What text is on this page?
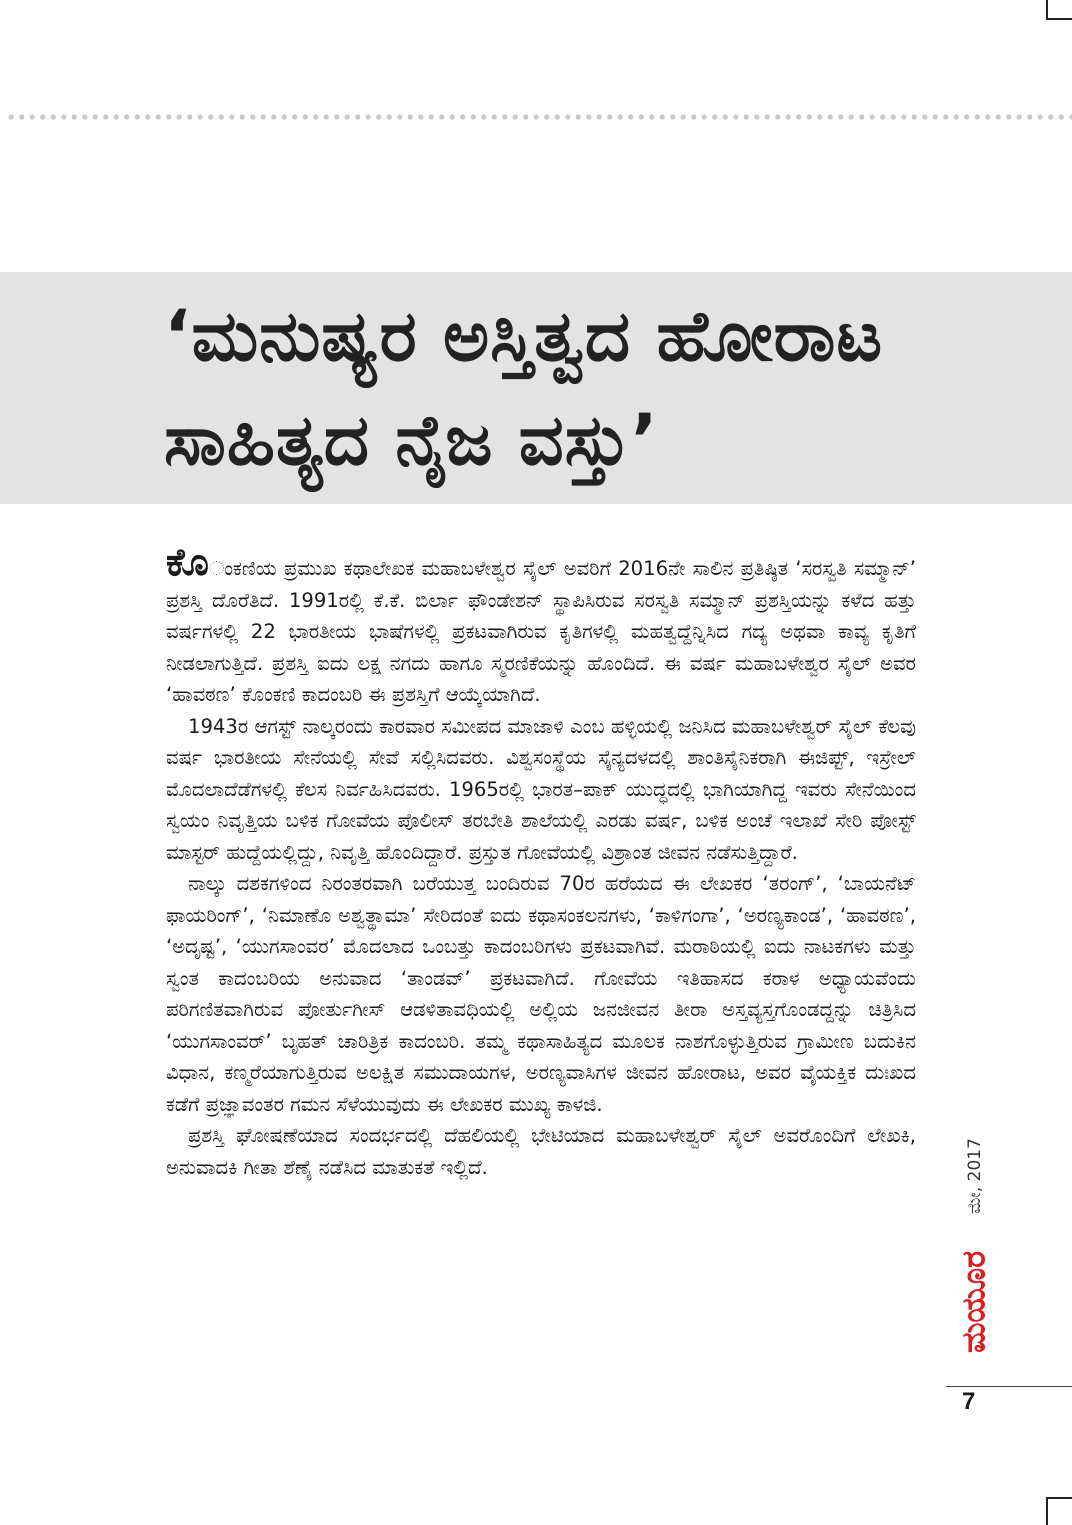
‘ಮನುಷ್ಯರ ಅಸ್ತಿತ್ವದ ಹೋರಾಟ
ಸಾಹಿತ್ಯದ ನೈಜ ವಸ್ತು’

ಕೊಂಕಣಿಯ ಪ್ರಮುಖ ಕಥಾಲೇಖಕ ಮಹಾಬಳೇಶ್ವರ ಸೈಲ್ ಅವರಿಗೆ 2016ನೇ ಸಾಲಿನ ಪ್ರತಿಷ್ಠಿತ ‘ಸರಸ್ವತಿ ಸಮ್ಮಾನ್’ ಪ್ರಶಸ್ತಿ ದೊರೆತಿದೆ. 1991ರಲ್ಲಿ ಕೆ.ಕೆ. ಬಿರ್ಲಾ ಫೌಂಡೇಶನ್ ಸ್ಥಾಪಿಸಿರುವ ಸರಸ್ವತಿ ಸಮ್ಮಾನ್ ಪ್ರಶಸ್ತಿಯನ್ನು ಕಳೆದ ಹತ್ತು ವರ್ಷಗಳಲ್ಲಿ 22 ಭಾರತೀಯ ಭಾಷೆಗಳಲ್ಲಿ ಪ್ರಕಟವಾಗಿರುವ ಕೃತಿಗಳಲ್ಲಿ ಮಹತ್ವದ್ದೆನ್ನಿಸಿದ ಗದ್ಯ ಅಥವಾ ಕಾವ್ಯ ಕೃತಿಗೆ ನೀಡಲಾಗುತ್ತಿದೆ. ಪ್ರಶಸ್ತಿ ಐದು ಲಕ್ಷ ನಗದು ಹಾಗೂ ಸ್ಮರಣಿಕೆಯನ್ನು ಹೊಂದಿದೆ. ಈ ವರ್ಷ ಮಹಾಬಳೇಶ್ವರ ಸೈಲ್ ಅವರ ‘ಹಾವಠಣ’ ಕೊಂಕಣಿ ಕಾದಂಬರಿ ಈ ಪ್ರಶಸ್ತಿಗೆ ಆಯ್ಕೆಯಾಗಿದೆ.

1943ರ ಆಗಸ್ಟ್ ನಾಲ್ಕರಂದು ಕಾರವಾರ ಸಮೀಪದ ಮಾಜಾಳಿ ಎಂಬ ಹಳ್ಳಿಯಲ್ಲಿ ಜನಿಸಿದ ಮಹಾಬಳೇಶ್ವರ್ ಸೈಲ್ ಕೆಲವು ವರ್ಷ ಭಾರತೀಯ ಸೇನೆಯಲ್ಲಿ ಸೇವೆ ಸಲ್ಲಿಸಿದವರು. ವಿಶ್ವಸಂಸ್ಥೆಯ ಸೈನ್ಯದಳದಲ್ಲಿ ಶಾಂತಿಸೈನಿಕರಾಗಿ ಈಜಿಪ್ಟ್, ಇಸ್ರೇಲ್ ಮೊದಲಾದೆಡೆಗಳಲ್ಲಿ ಕೆಲಸ ನಿರ್ವಹಿಸಿದವರು. 1965ರಲ್ಲಿ ಭಾರತ–ಪಾಕ್ ಯುದ್ಧದಲ್ಲಿ ಭಾಗಿಯಾಗಿದ್ದ ಇವರು ಸೇನೆಯಿಂದ ಸ್ವಯಂ ನಿವೃತ್ತಿಯ ಬಳಿಕ ಗೋವೆಯ ಪೊಲೀಸ್ ತರಬೇತಿ ಶಾಲೆಯಲ್ಲಿ ಎರಡು ವರ್ಷ, ಬಳಿಕ ಅಂಚೆ ಇಲಾಖೆ ಸೇರಿ ಪೋಸ್ಟ್ ಮಾಸ್ಟರ್ ಹುದ್ದೆಯಲ್ಲಿದ್ದು, ನಿವೃತ್ತಿ ಹೊಂದಿದ್ದಾರೆ. ಪ್ರಸ್ತುತ ಗೋವೆಯಲ್ಲಿ ವಿಶ್ರಾಂತ ಜೀವನ ನಡೆಸುತ್ತಿದ್ದಾರೆ.

ನಾಲ್ಕು ದಶಕಗಳಿಂದ ನಿರಂತರವಾಗಿ ಬರೆಯುತ್ತ ಬಂದಿರುವ 70ರ ಹರೆಯದ ಈ ಲೇಖಕರ ‘ತರಂಗ್’, ‘ಬಾಯನೆಟ್ ಫಾಯರಿಂಗ್’, ‘ನಿಮಾಣೊ ಅಶ್ವತ್ಥಾಮಾ’ ಸೇರಿದಂತೆ ಐದು ಕಥಾಸಂಕಲನಗಳು, ‘ಕಾಳಿಗಂಗಾ’, ‘ಅರಣ್ಯಕಾಂಡ’, ‘ಹಾವಠಣ’, ‘ಅದೃಷ್ಟ’, ‘ಯುಗಸಾಂವರ’ ಮೊದಲಾದ ಒಂಬತ್ತು ಕಾದಂಬರಿಗಳು ಪ್ರಕಟವಾಗಿವೆ. ಮರಾಠಿಯಲ್ಲಿ ಐದು ನಾಟಕಗಳು ಮತ್ತು ಸ್ವಂತ ಕಾದಂಬರಿಯ ಅನುವಾದ ‘ತಾಂಡವ್’ ಪ್ರಕಟವಾಗಿದೆ. ಗೋವೆಯ ಇತಿಹಾಸದ ಕರಾಳ ಅಧ್ಯಾಯವೆಂದು ಪರಿಗಣಿತವಾಗಿರುವ ಪೋರ್ತುಗೀಸ್ ಆಡಳಿತಾವಧಿಯಲ್ಲಿ ಅಲ್ಲಿಯ ಜನಜೀವನ ತೀರಾ ಅಸ್ತವ್ಯಸ್ತಗೊಂಡದ್ದನ್ನು ಚಿತ್ರಿಸಿದ ‘ಯುಗಸಾಂವರ್’ ಬೃಹತ್ ಚಾರಿತ್ರಿಕ ಕಾದಂಬರಿ. ತಮ್ಮ ಕಥಾಸಾಹಿತ್ಯದ ಮೂಲಕ ನಾಶಗೊಳ್ಳುತ್ತಿರುವ ಗ್ರಾಮೀಣ ಬದುಕಿನ ವಿಧಾನ, ಕಣ್ಮರೆಯಾಗುತ್ತಿರುವ ಅಲಕ್ಷಿತ ಸಮುದಾಯಗಳ, ಅರಣ್ಯವಾಸಿಗಳ ಜೀವನ ಹೋರಾಟ, ಅವರ ವೈಯಕ್ತಿಕ ದುಃಖದ ಕಡೆಗೆ ಪ್ರಜ್ಞಾವಂತರ ಗಮನ ಸೆಳೆಯುವುದು ಈ ಲೇಖಕರ ಮುಖ್ಯ ಕಾಳಜಿ.

ಪ್ರಶಸ್ತಿ ಘೋಷಣೆಯಾದ ಸಂದರ್ಭದಲ್ಲಿ ದೆಹಲಿಯಲ್ಲಿ ಭೇಟಿಯಾದ ಮಹಾಬಳೇಶ್ವರ್ ಸೈಲ್ ಅವರೊಂದಿಗೆ ಲೇಖಕಿ, ಅನುವಾದಕಿ ಗೀತಾ ಶೆಣೈ ನಡೆಸಿದ ಮಾತುಕತೆ ಇಲ್ಲಿದೆ.	ಮೇ, 2017
ಮಯೂರ
7
